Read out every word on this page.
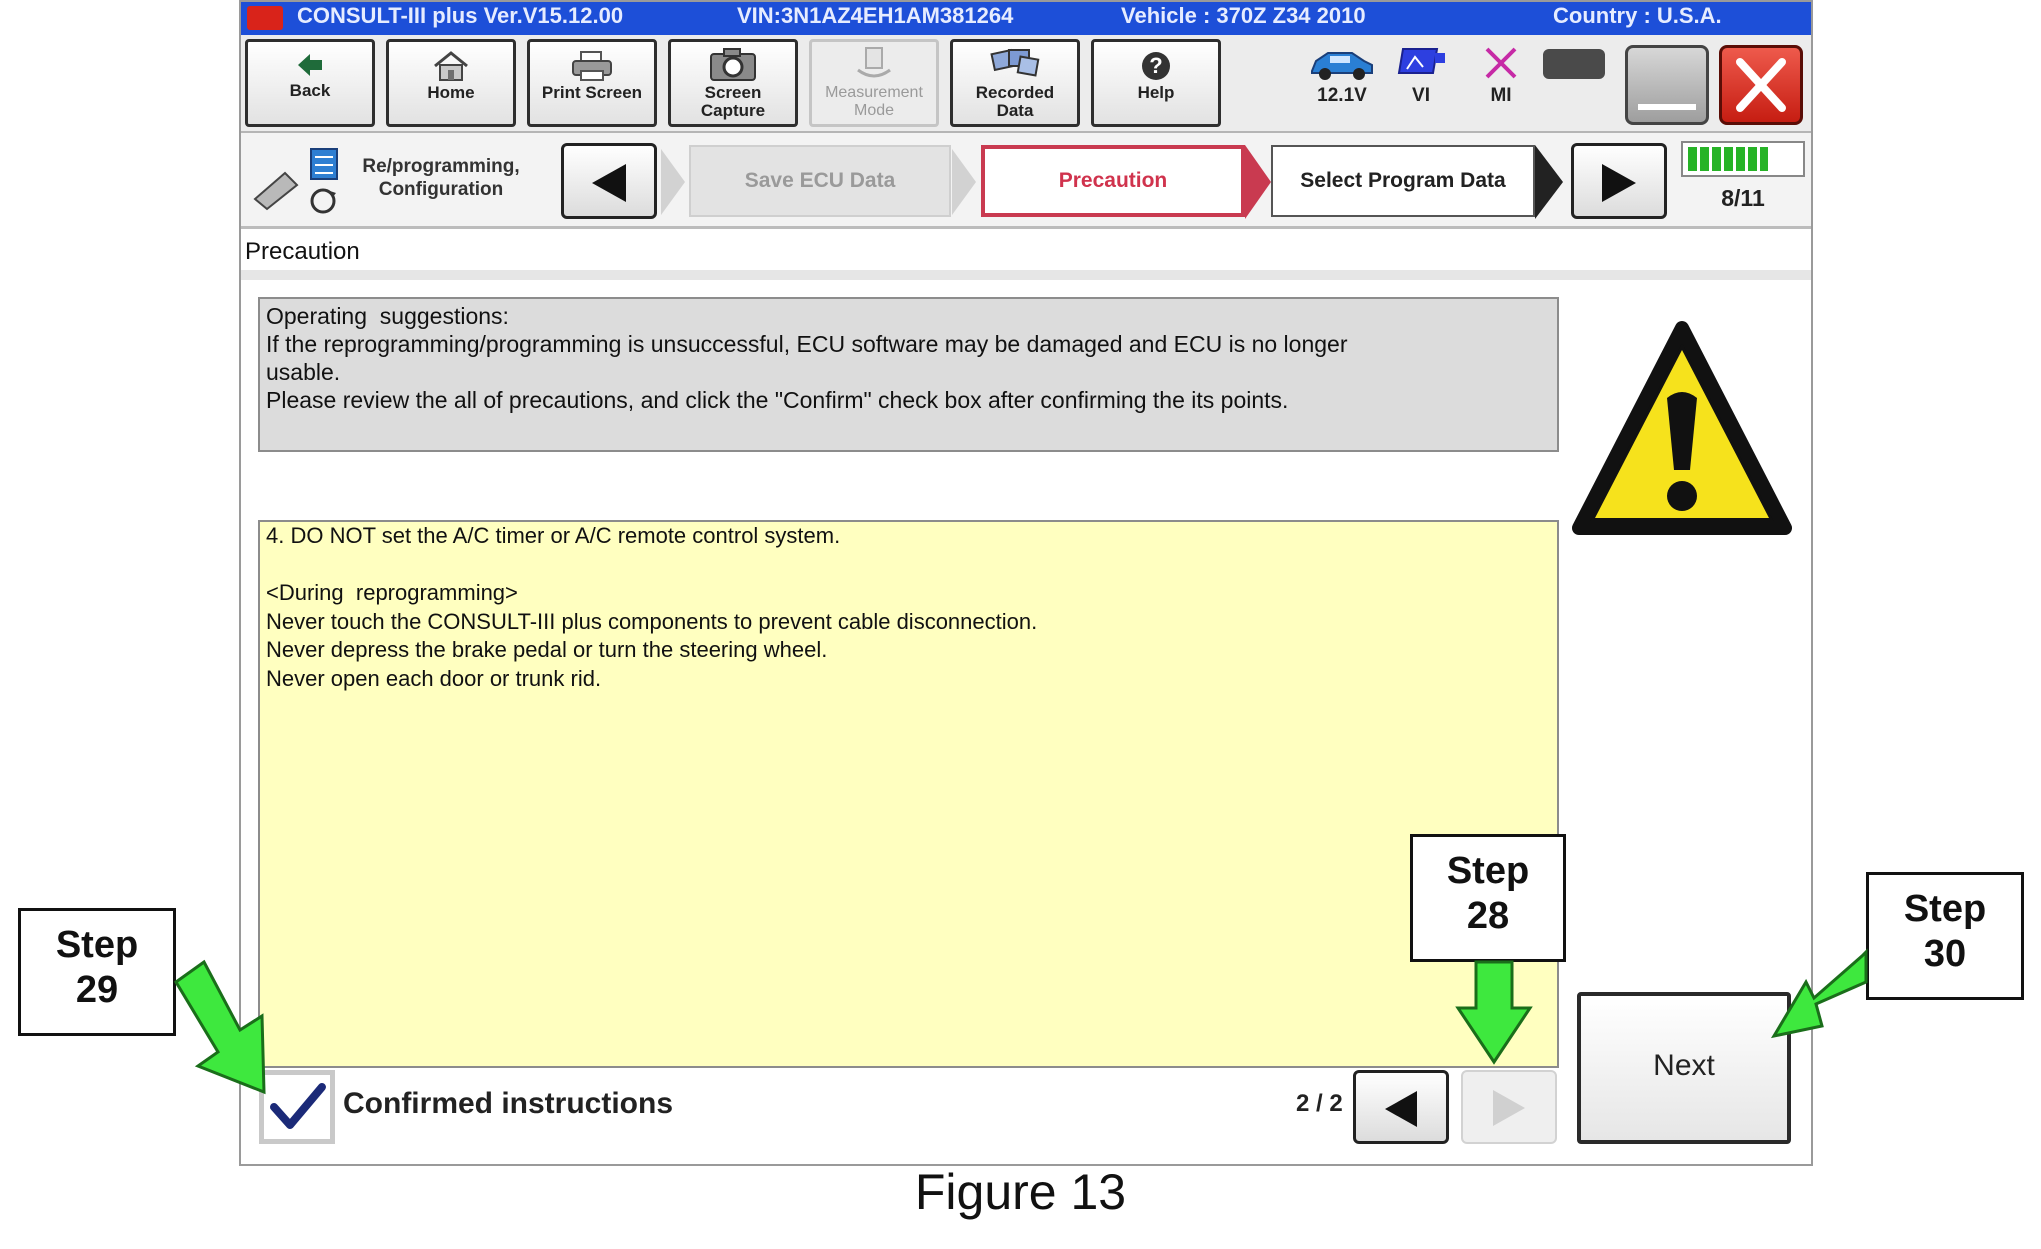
CONSULT-III plus Ver.V15.12.00	VIN:3N1AZ4EH1AM381264	Vehicle : 370Z Z34 2010	Country : U.S.A.
Back	Home	Print Screen	Screen
Capture
Measurement
Mode
Recorded
Data
?
Help	12.1V	VI	MI
Re/programming,
Configuration	Save ECU Data	Precaution	Select Program Data
8/11
Precaution
Operating  suggestions:
If the reprogramming/programming is unsuccessful, ECU software may be damaged and ECU is no longer
usable.
Please review the all of precautions, and click the "Confirm" check box after confirming the its points.
4. DO NOT set the A/C timer or A/C remote control system.
<During  reprogramming>
Never touch the CONSULT-III plus components to prevent cable disconnection.
Never depress the brake pedal or turn the steering wheel.
Never open each door or trunk rid.
Confirmed instructions	2 / 2
Next
Step
29
Step
28	Step
30
Figure 13
